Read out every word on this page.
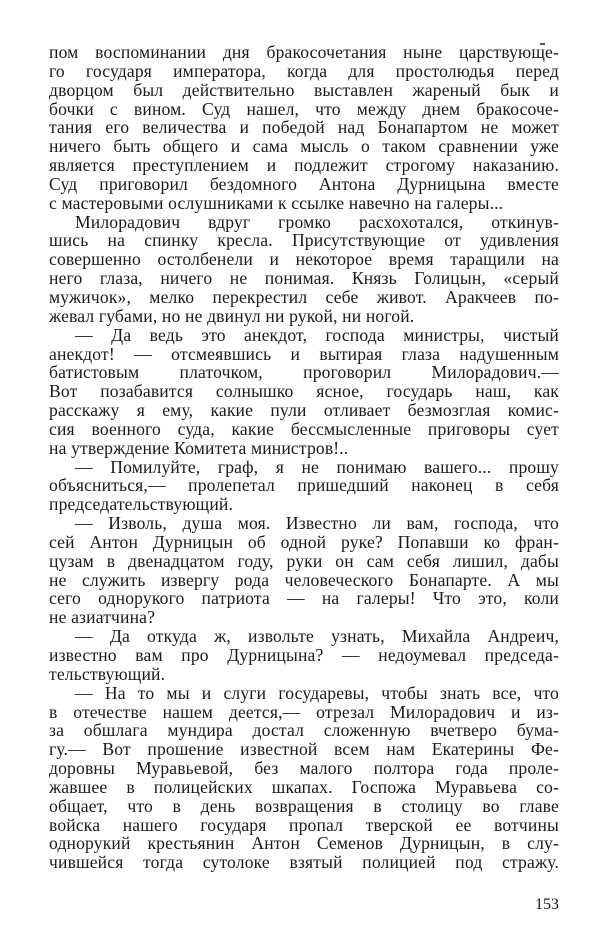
пом воспоминании дня бракосочетания ныне царствующе-
го государя императора, когда для простолюдья перед
дворцом был действительно выставлен жареный бык и
бочки с вином. Суд нашел, что между днем бракосоче-
тания его величества и победой над Бонапартом не может
ничего быть общего и сама мысль о таком сравнении уже
является преступлением и подлежит строгому наказанию.
Суд приговорил бездомного Антона Дурницына вместе
с мастеровыми ослушниками к ссылке навечно на галеры...
Милорадович вдруг громко расхохотался, откинув-
шись на спинку кресла. Присутствующие от удивления
совершенно остолбенели и некоторое время таращили на
него глаза, ничего не понимая. Князь Голицын, «серый
мужичок», мелко перекрестил себе живот. Аракчеев по-
жевал губами, но не двинул ни рукой, ни ногой.
— Да ведь это анекдот, господа министры, чистый
анекдот! — отсмеявшись и вытирая глаза надушенным
батистовым платочком, проговорил Милорадович.—
Вот позабавится солнышко ясное, государь наш, как
расскажу я ему, какие пули отливает безмозглая комис-
сия военного суда, какие бессмысленные приговоры сует
на утверждение Комитета министров!..
— Помилуйте, граф, я не понимаю вашего... прошу
объясниться,— пролепетал пришедший наконец в себя
председательствующий.
— Изволь, душа моя. Известно ли вам, господа, что
сей Антон Дурницын об одной руке? Попавши ко фран-
цузам в двенадцатом году, руки он сам себя лишил, дабы
не служить извергу рода человеческого Бонапарте. А мы
сего однорукого патриота — на галеры! Что это, коли
не азиатчина?
— Да откуда ж, извольте узнать, Михайла Андреич,
известно вам про Дурницына? — недоумевал председа-
тельствующий.
— На то мы и слуги государевы, чтобы знать все, что
в отечестве нашем деется,— отрезал Милорадович и из-
за обшлага мундира достал сложенную вчетверо бума-
гу.— Вот прошение известной всем нам Екатерины Фе-
доровны Муравьевой, без малого полтора года проле-
жавшее в полицейских шкапах. Госпожа Муравьева со-
общает, что в день возвращения в столицу во главе
войска нашего государя пропал тверской ее вотчины
однорукий крестьянин Антон Семенов Дурницын, в слу-
чившейся тогда сутолоке взятый полицией под стражу.
153
